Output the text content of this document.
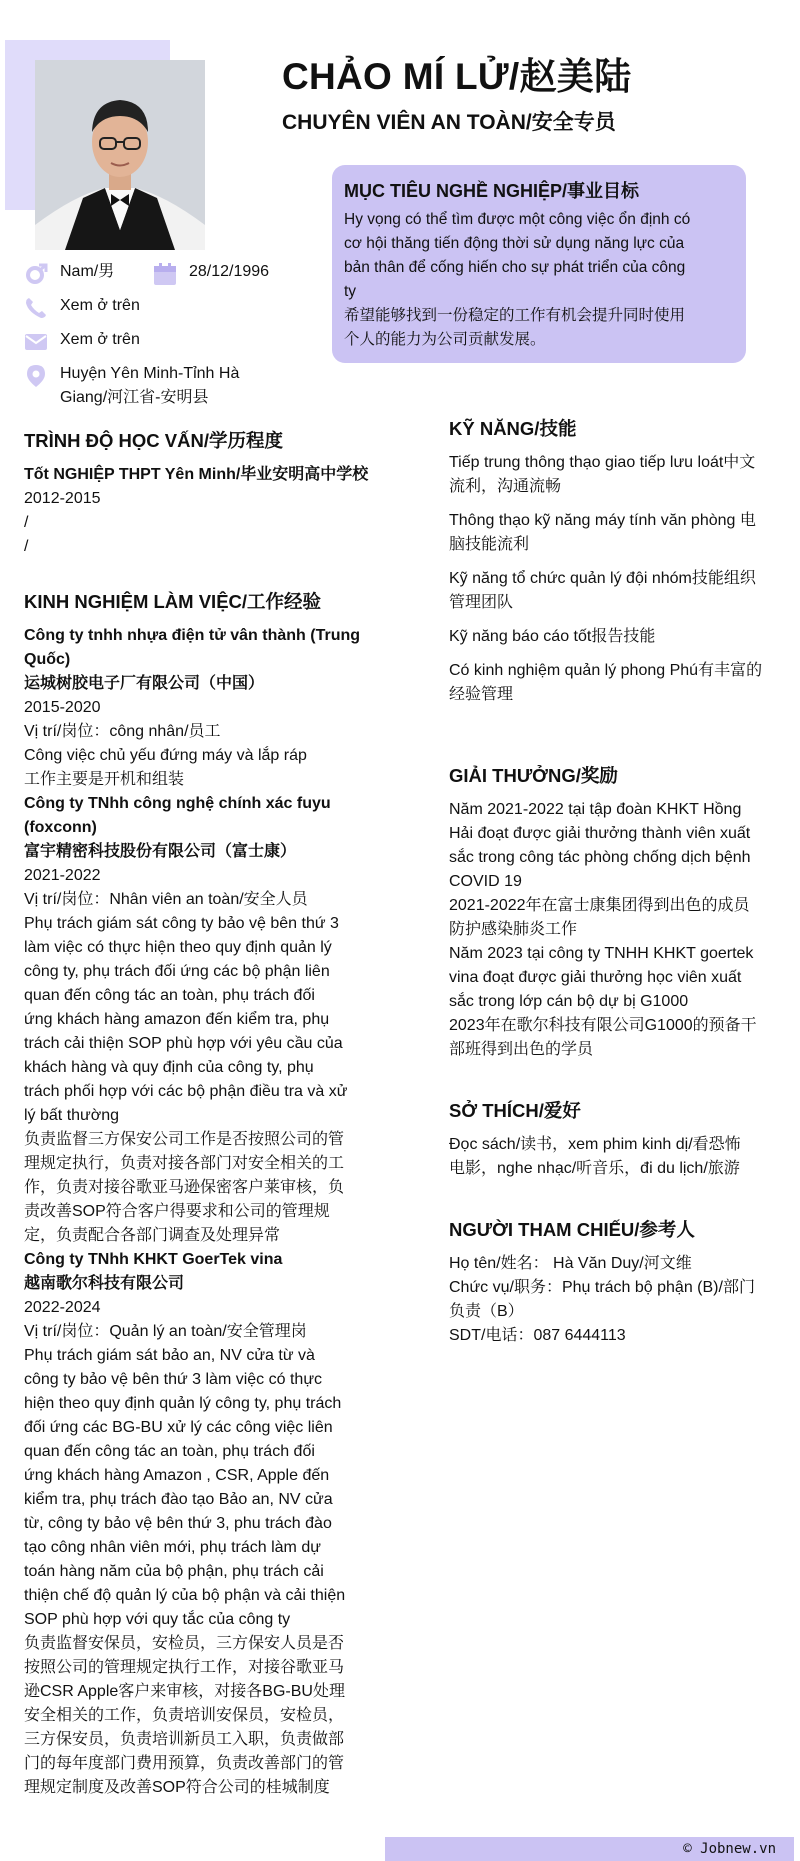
CHẢO MÍ LỬ/赵美陆
CHUYÊN VIÊN AN TOÀN/安全专员
MỤC TIÊU NGHỀ NGHIỆP/事业目标

Hy vọng có thể tìm được một công việc ổn định có
cơ hội thăng tiến động thời sử dụng năng lực của
bản thân để cống hiến cho sự phát triển của công
ty
希望能够找到一份稳定的工作有机会提升同时使用
个人的能力为公司贡献发展。

Nam/男	28/12/1996
Xem ở trên
Xem ở trên
Huyện Yên Minh-Tỉnh Hà
Giang/河江省-安明县
TRÌNH ĐỘ HỌC VẤN/学历程度
Tốt NGHIỆP THPT Yên Minh/毕业安明高中学校
2012-2015
/
/
KINH NGHIỆM LÀM VIỆC/工作经验
Công ty tnhh nhựa điện tử vân thành (Trung
Quốc)
运城树胶电子厂有限公司（中国）
2015-2020
Vị trí/岗位：công nhân/员工
Công việc chủ yếu đứng máy và lắp ráp
工作主要是开机和组装
Công ty TNhh công nghệ chính xác fuyu
(foxconn)
富宇精密科技股份有限公司（富士康）
2021-2022
Vị trí/岗位：Nhân viên an toàn/安全人员
Phụ trách giám sát công ty bảo vệ bên thứ 3
làm việc có thực hiện theo quy định quản lý
công ty, phụ trách đối ứng các bộ phận liên
quan đến công tác an toàn, phụ trách đối
ứng khách hàng amazon đến kiểm tra, phụ
trách cải thiện SOP phù hợp với yêu cầu của
khách hàng và quy định của công ty, phụ
trách phối hợp với các bộ phận điều tra và xử
lý bất thường
负责监督三方保安公司工作是否按照公司的管
理规定执行，负责对接各部门对安全相关的工
作，负责对接谷歌亚马逊保密客户莱审核，负
责改善SOP符合客户得要求和公司的管理规
定，负责配合各部门调查及处理异常
Công ty TNhh KHKT GoerTek vina
越南歌尔科技有限公司
2022-2024
Vị trí/岗位：Quản lý an toàn/安全管理岗
Phụ trách giám sát bảo an, NV cửa từ và
công ty bảo vệ bên thứ 3 làm việc có thực
hiện theo quy định quản lý công ty, phụ trách
đối ứng các BG-BU xử lý các công việc liên
quan đến công tác an toàn, phụ trách đối
ứng khách hàng Amazon , CSR, Apple đến
kiểm tra, phụ trách đào tạo Bảo an, NV cửa
từ, công ty bảo vệ bên thứ 3, phu trách đào
tạo công nhân viên mới, phụ trách làm dự
toán hàng năm của bộ phận, phụ trách cải
thiện chế độ quản lý của bộ phận và cải thiện
SOP phù hợp với quy tắc của công ty
负责监督安保员，安检员，三方保安人员是否
按照公司的管理规定执行工作，对接谷歌亚马
逊CSR Apple客户来审核，对接各BG-BU处理
安全相关的工作，负责培训安保员，安检员，
三方保安员，负责培训新员工入职，负责做部
门的每年度部门费用预算，负责改善部门的管
理规定制度及改善SOP符合公司的桂城制度
KỸ NĂNG/技能
Tiếp trung thông thạo giao tiếp lưu loát中文
流利，沟通流畅
Thông thạo kỹ năng máy tính văn phòng 电
脑技能流利
Kỹ năng tổ chức quản lý đội nhóm技能组织
管理团队
Kỹ năng báo cáo tốt报告技能
Có kinh nghiệm quản lý phong Phú有丰富的
经验管理
GIẢI THƯỞNG/奖励
Năm 2021-2022 tại tập đoàn KHKT Hồng
Hải đoạt được giải thưởng thành viên xuất
sắc trong công tác phòng chống dịch bệnh
COVID 19
2021-2022年在富士康集团得到出色的成员
防护感染肺炎工作
Năm 2023 tại công ty TNHH KHKT goertek
vina đoạt được giải thưởng học viên xuất
sắc trong lớp cán bộ dự bị G1000
2023年在歌尔科技有限公司G1000的预备干
部班得到出色的学员
SỞ THÍCH/爱好
Đọc sách/读书，xem phim kinh dị/看恐怖
电影，nghe nhạc/听音乐，đi du lịch/旅游
NGƯỜI THAM CHIẾU/参考人
Họ tên/姓名： Hà Văn Duy/河文维
Chức vụ/职务：Phụ trách bộ phận (B)/部门
负责（B）
SDT/电话：087 6444113
© Jobnew.vn
